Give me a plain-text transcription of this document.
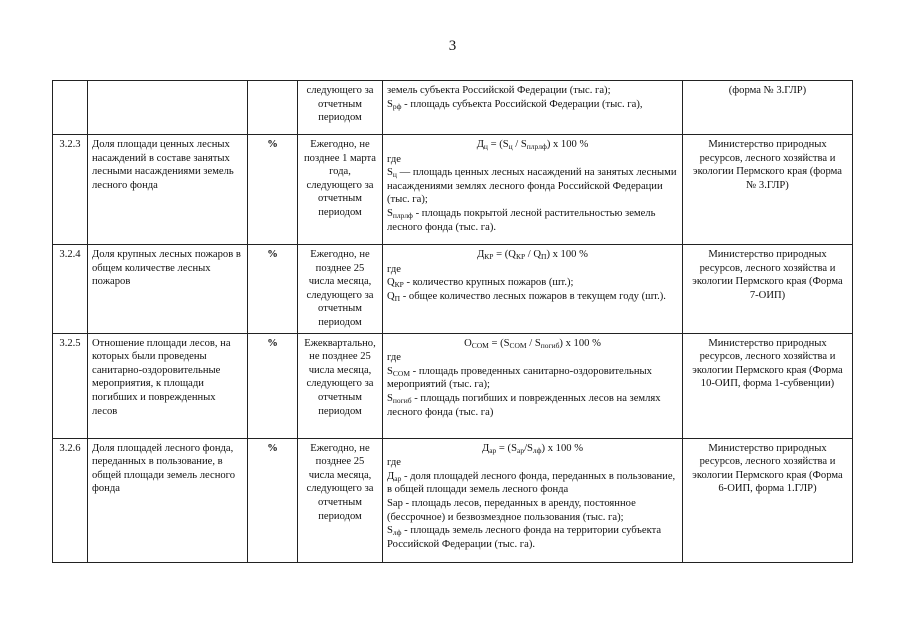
3
			следующего за отчетным периодом	земель субъекта Российской Федерации (тыс. га);
$S_{рф}$ - площадь субъекта Российской Федерации (тыс. га),	(форма № 3.ГЛР)
3.2.3	Доля площади ценных лесных насаждений в составе занятых лесными насаждениями земель лесного фонда	%	Ежегодно, не позднее 1 марта года, следующего за отчетным периодом	$Д_ц = (S_ц / S_{плрлф})$ x 100 %
где
$S_ц$ — площадь ценных лесных насаждений на занятых лесными насаждениями землях лесного фонда Российской Федерации (тыс. га);
$S_{плрлф}$ - площадь покрытой лесной растительностью земель лесного фонда (тыс. га).	Министерство природных ресурсов, лесного хозяйства и экологии Пермского края (форма № 3.ГЛР)
3.2.4	Доля крупных лесных пожаров в общем количестве лесных пожаров	%	Ежегодно, не позднее 25 числа месяца, следующего за отчетным периодом	$Д_{КР} = (Q_{КР} / Q_П)$ x 100 %
где
$Q_{КР}$ - количество крупных пожаров (шт.);
$Q_П$ - общее количество лесных пожаров в текущем году (шт.).	Министерство природных ресурсов, лесного хозяйства и экологии Пермского края (Форма 7-ОИП)
3.2.5	Отношение площади лесов, на которых были проведены санитарно-оздоровительные мероприятия, к площади погибших и поврежденных лесов	%	Ежеквартально, не позднее 25 числа месяца, следующего за отчетным периодом	$О_{СОМ} = (S_{СОМ} / S_{погиб})$ x 100 %
где
$S_{СОМ}$ - площадь проведенных санитарно-оздоровительных мероприятий (тыс. га);
$S_{погиб}$ - площадь погибших и поврежденных лесов на землях лесного фонда (тыс. га)	Министерство природных ресурсов, лесного хозяйства и экологии Пермского края (Форма 10-ОИП, форма 1-субвенции)
3.2.6	Доля площадей лесного фонда, переданных в пользование, в общей площади земель лесного фонда	%	Ежегодно, не позднее 25 числа месяца, следующего за отчетным периодом	$Д_{ар} = (S_{ар}/S_{лф})$ x 100 %
где
$Д_{ар}$ - доля площадей лесного фонда, переданных в пользование, в общей площади земель лесного фонда
Sар - площадь лесов, переданных в аренду, постоянное (бессрочное) и безвозмездное пользования (тыс. га);
$S_{лф}$ - площадь земель лесного фонда на территории субъекта Российской Федерации (тыс. га).	Министерство природных ресурсов, лесного хозяйства и экологии Пермского края (Форма 6-ОИП, форма 1.ГЛР)
